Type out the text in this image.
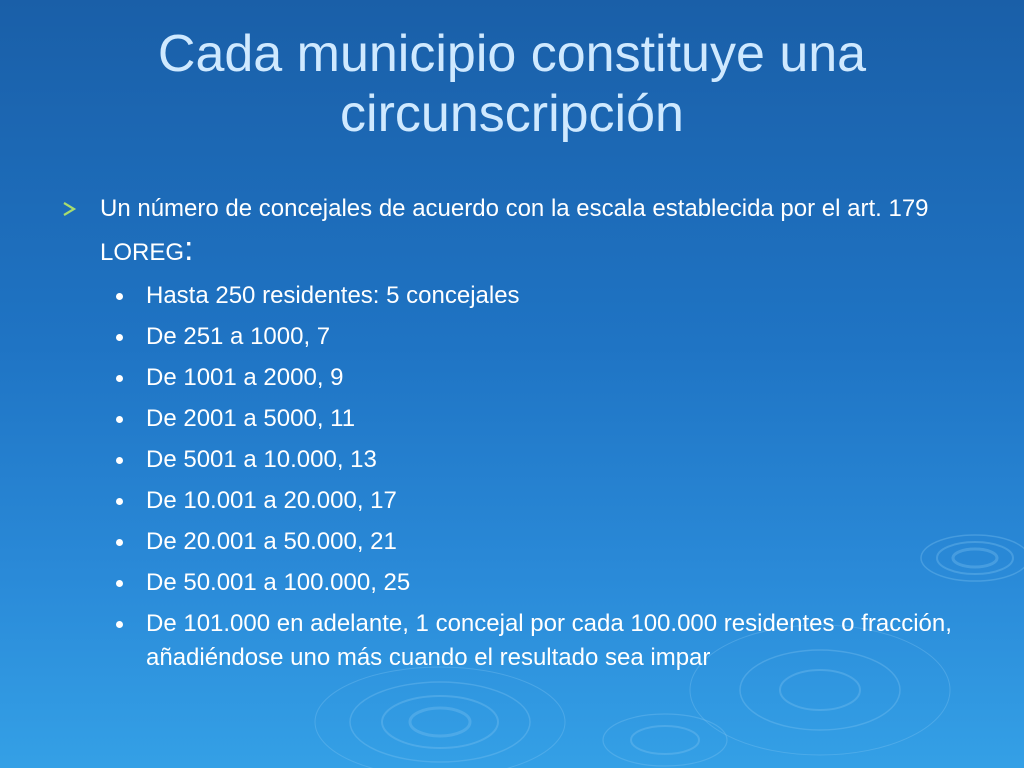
Cada municipio constituye una
circunscripción
Un número de concejales de acuerdo con la escala establecida por el art. 179 LOREG:
Hasta 250 residentes: 5 concejales
De 251 a 1000, 7
De 1001 a 2000, 9
De 2001 a 5000, 11
De 5001 a 10.000, 13
De 10.001 a 20.000, 17
De 20.001 a 50.000, 21
De 50.001 a 100.000, 25
De 101.000 en adelante, 1 concejal por cada 100.000 residentes o fracción, añadiéndose uno más cuando el resultado sea impar
